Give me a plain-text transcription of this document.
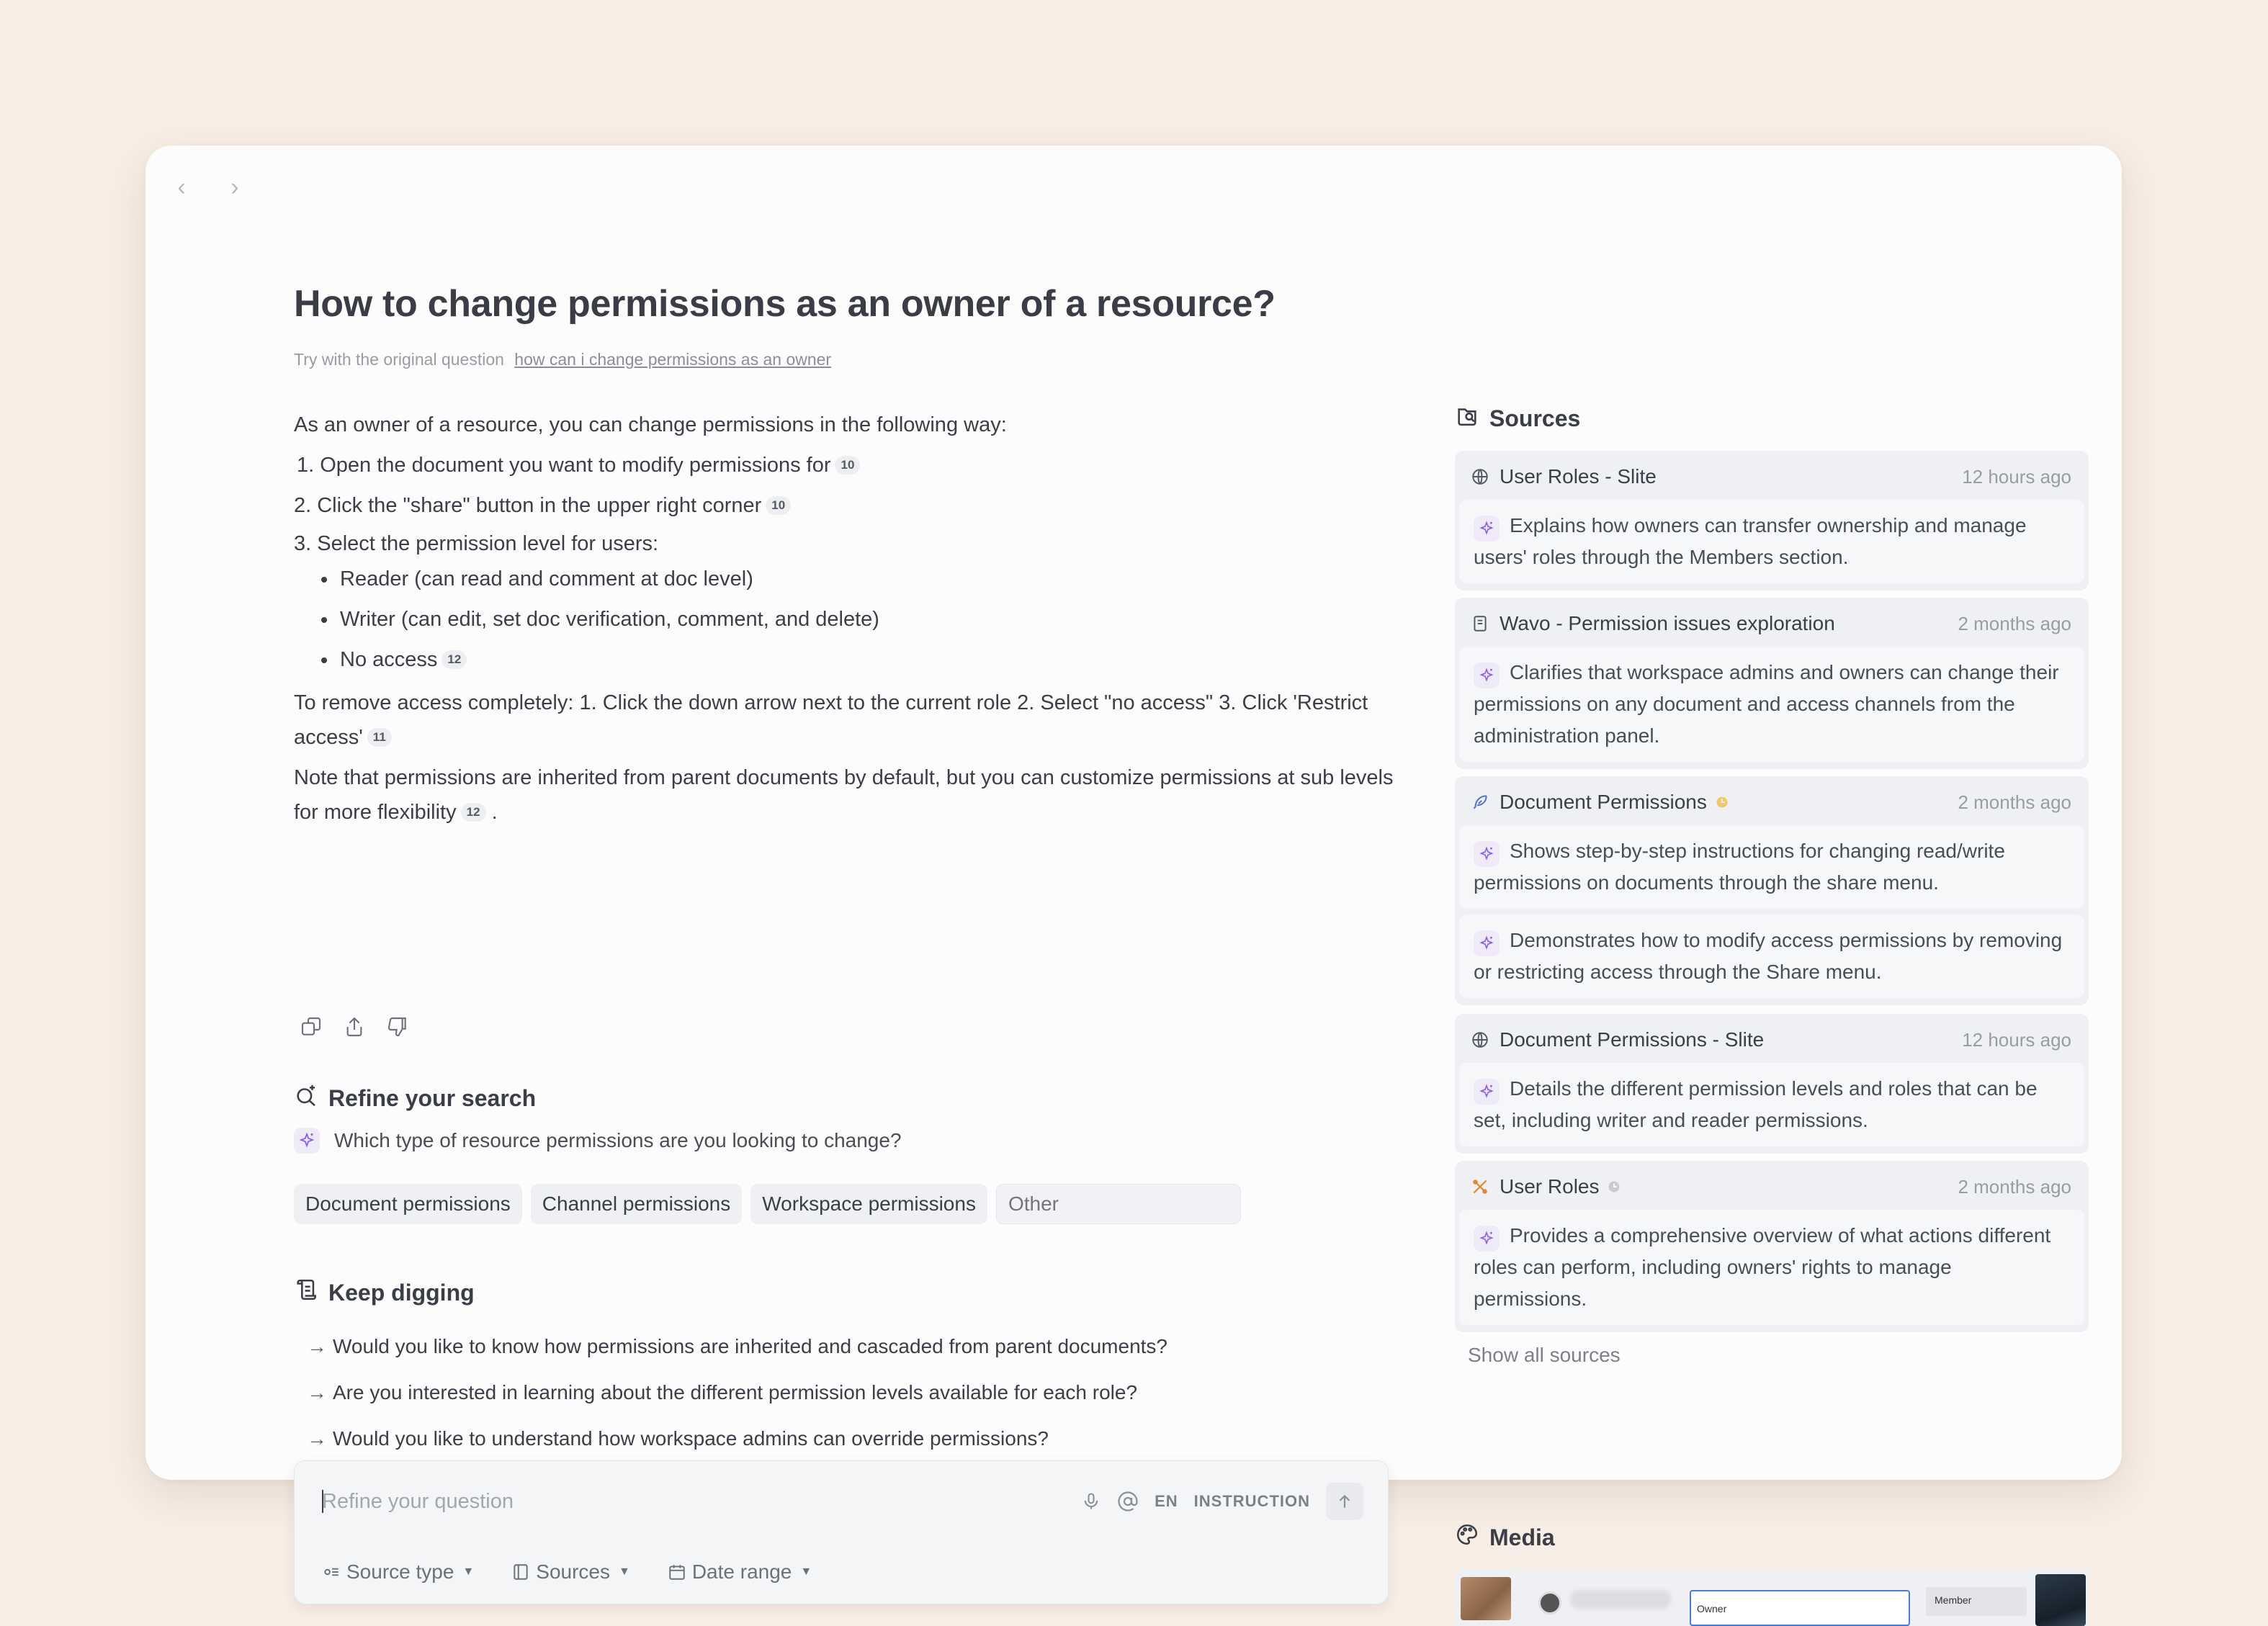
‹	›
How to change permissions as an owner of a resource?
Try with the original question how can i change permissions as an owner

As an owner of a resource, you can change permissions in the following way:

1. Open the document you want to modify permissions for 10

2. Click the "share" button in the upper right corner 10

3. Select the permission level for users:

Reader (can read and comment at doc level)
Writer (can edit, set doc verification, comment, and delete)
No access 12

To remove access completely: 1. Click the down arrow next to the current role 2. Select "no access" 3. Click 'Restrict access' 11

Note that permissions are inherited from parent documents by default, but you can customize permissions at sub levels for more flexibility 12 .

Refine your search
Which type of resource permissions are you looking to change?
Document permissions	Channel permissions	Workspace permissions
Other
Keep digging
→ Would you like to know how permissions are inherited and cascaded from parent documents?
→ Are you interested in learning about the different permission levels available for each role?
→ Would you like to understand how workspace admins can override permissions?
Refine your question
EN INSTRUCTION
Source type ▼	Sources ▼	Date range ▼
Sources
User Roles - Slite	12 hours ago
Explains how owners can transfer ownership and manage users' roles through the Members section.
Wavo - Permission issues exploration	2 months ago
Clarifies that workspace admins and owners can change their permissions on any document and access channels from the administration panel.
Document Permissions	2 months ago
Shows step-by-step instructions for changing read/write permissions on documents through the share menu.
Demonstrates how to modify access permissions by removing or restricting access through the Share menu.
Document Permissions - Slite	12 hours ago
Details the different permission levels and roles that can be set, including writer and reader permissions.
User Roles	2 months ago
Provides a comprehensive overview of what actions different roles can perform, including owners' rights to manage permissions.
Show all sources
Media
Owner
Member
